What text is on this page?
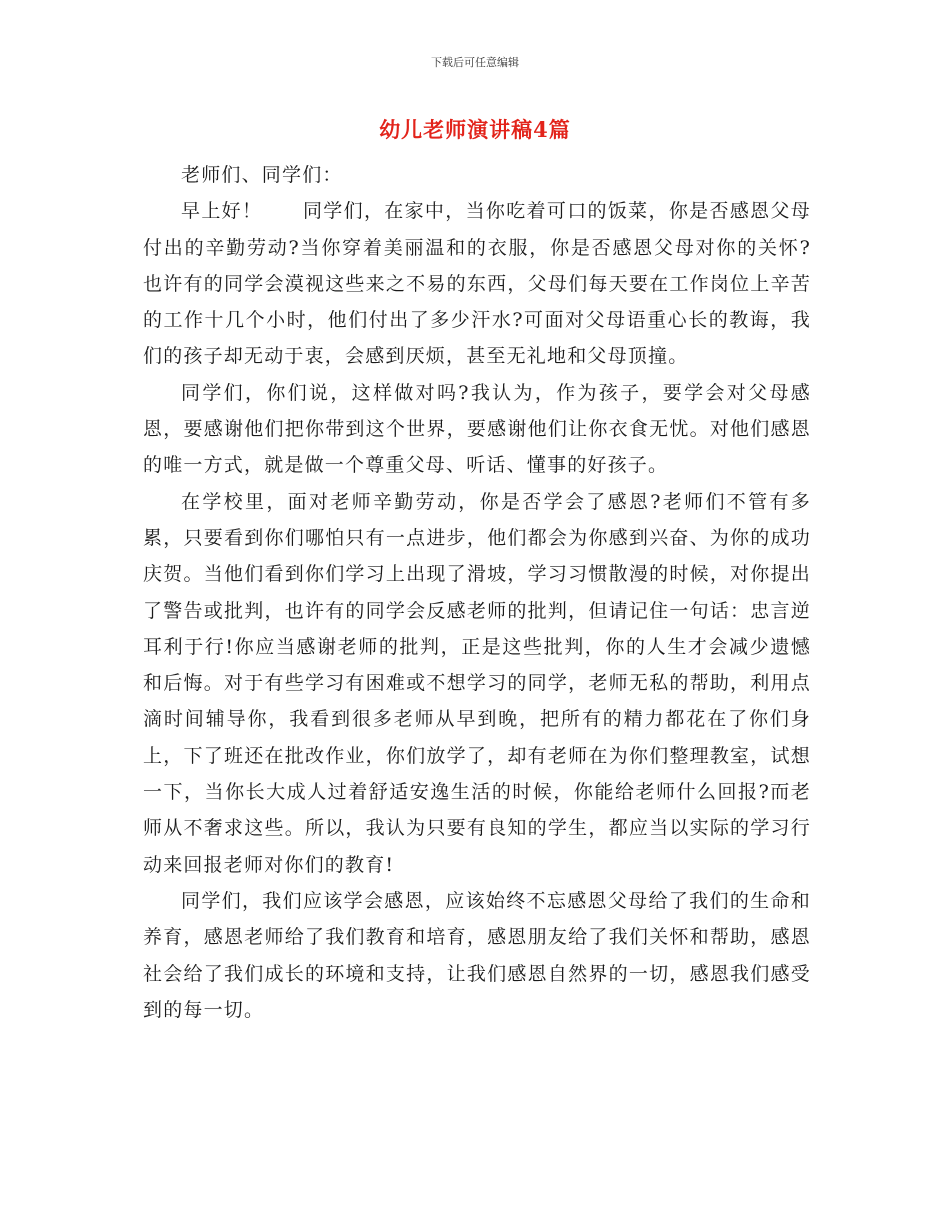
下载后可任意编辑
幼儿老师演讲稿4篇

老师们、同学们：

早上好！　　同学们，在家中，当你吃着可口的饭菜，你是否感恩父母付出的辛勤劳动?当你穿着美丽温和的衣服，你是否感恩父母对你的关怀?也许有的同学会漠视这些来之不易的东西，父母们每天要在工作岗位上辛苦的工作十几个小时，他们付出了多少汗水?可面对父母语重心长的教诲，我们的孩子却无动于衷，会感到厌烦，甚至无礼地和父母顶撞。

同学们，你们说，这样做对吗?我认为，作为孩子，要学会对父母感恩，要感谢他们把你带到这个世界，要感谢他们让你衣食无忧。对他们感恩的唯一方式，就是做一个尊重父母、听话、懂事的好孩子。

在学校里，面对老师辛勤劳动，你是否学会了感恩?老师们不管有多累，只要看到你们哪怕只有一点进步，他们都会为你感到兴奋、为你的成功庆贺。当他们看到你们学习上出现了滑坡，学习习惯散漫的时候，对你提出了警告或批判，也许有的同学会反感老师的批判，但请记住一句话：忠言逆耳利于行!你应当感谢老师的批判，正是这些批判，你的人生才会减少遗憾和后悔。对于有些学习有困难或不想学习的同学，老师无私的帮助，利用点滴时间辅导你，我看到很多老师从早到晚，把所有的精力都花在了你们身上，下了班还在批改作业，你们放学了，却有老师在为你们整理教室，试想一下，当你长大成人过着舒适安逸生活的时候，你能给老师什么回报?而老师从不奢求这些。所以，我认为只要有良知的学生，都应当以实际的学习行动来回报老师对你们的教育!

同学们，我们应该学会感恩，应该始终不忘感恩父母给了我们的生命和养育，感恩老师给了我们教育和培育，感恩朋友给了我们关怀和帮助，感恩社会给了我们成长的环境和支持，让我们感恩自然界的一切，感恩我们感受到的每一切。
